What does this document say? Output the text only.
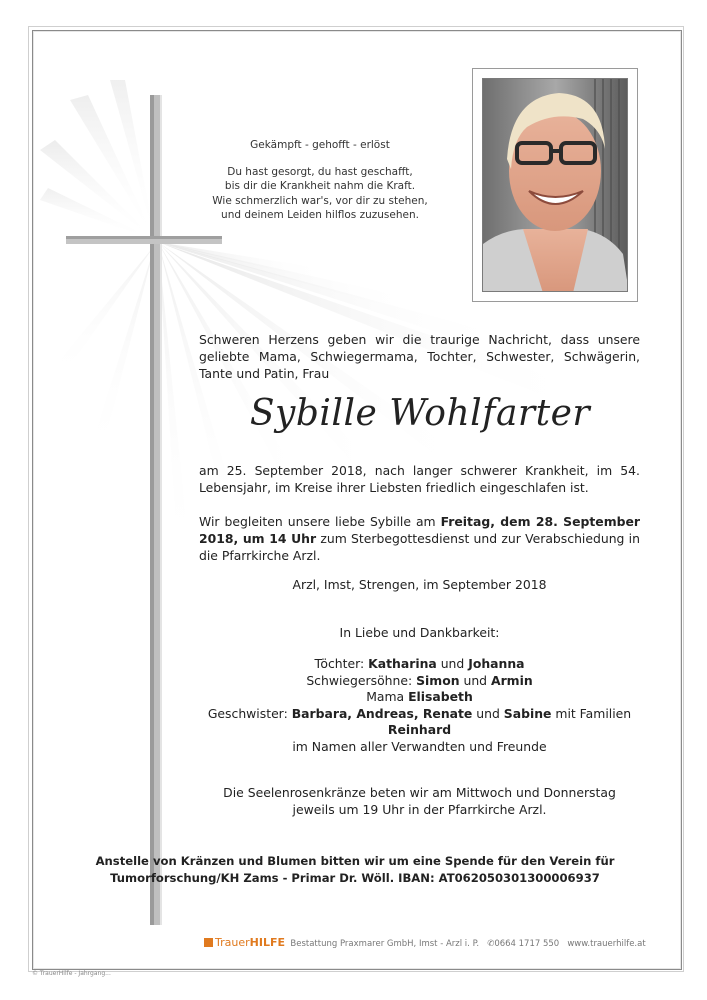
Gekämpft - gehofft - erlöst
Du hast gesorgt, du hast geschafft,
bis dir die Krankheit nahm die Kraft.
Wie schmerzlich war's, vor dir zu stehen,
und deinem Leiden hilflos zuzusehen.
Schweren Herzens geben wir die traurige Nachricht, dass unsere geliebte Mama, Schwiegermama, Tochter, Schwester, Schwägerin, Tante und Patin, Frau
Sybille Wohlfarter
am 25. September 2018, nach langer schwerer Krankheit, im 54. Lebensjahr, im Kreise ihrer Liebsten friedlich eingeschlafen ist.
Wir begleiten unsere liebe Sybille am Freitag, dem 28. September 2018, um 14 Uhr zum Sterbegottesdienst und zur Verabschiedung in die Pfarrkirche Arzl.
Arzl, Imst, Strengen, im September 2018
In Liebe und Dankbarkeit:
Töchter: Katharina und Johanna
Schwiegersöhne: Simon und Armin
Mama Elisabeth
Geschwister: Barbara, Andreas, Renate und Sabine mit Familien
Reinhard
im Namen aller Verwandten und Freunde
Die Seelenrosenkränze beten wir am Mittwoch und Donnerstag
jeweils um 19 Uhr in der Pfarrkirche Arzl.
Anstelle von Kränzen und Blumen bitten wir um eine Spende für den Verein für
Tumorforschung/KH Zams - Primar Dr. Wöll. IBAN: AT062050301300006937
TrauerHILFE Bestattung Praxmarer GmbH, Imst - Arzl i. P. ✆0664 1717 550 www.trauerhilfe.at
© TrauerHilfe - Jahrgang...
